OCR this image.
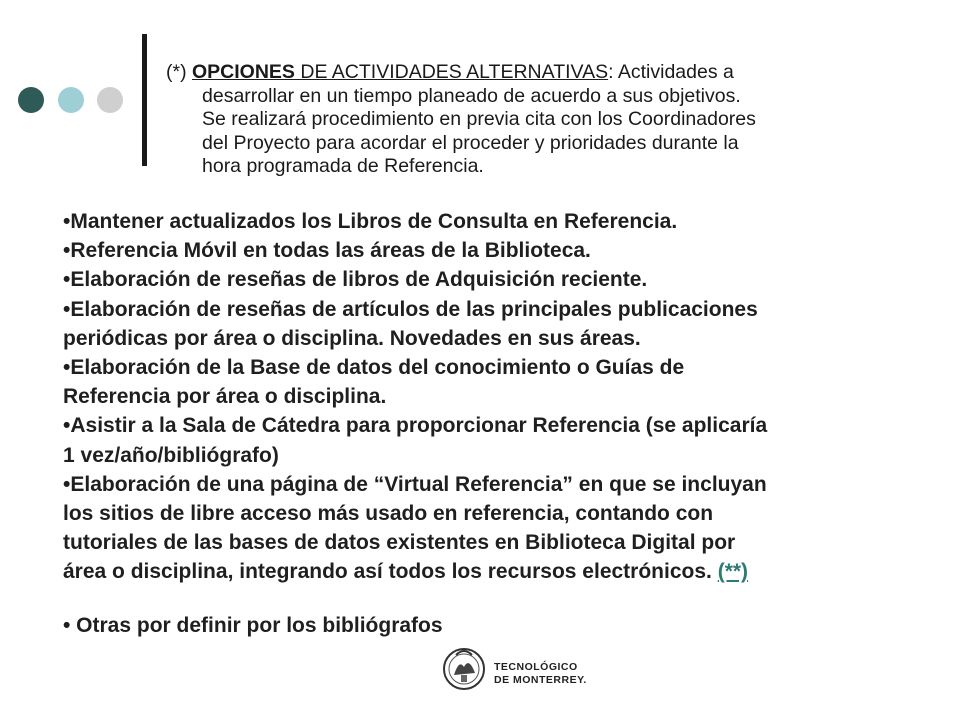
(*) OPCIONES DE ACTIVIDADES ALTERNATIVAS: Actividades a
desarrollar en un tiempo planeado de acuerdo a sus objetivos.
Se realizará procedimiento en previa cita con los Coordinadores
del Proyecto para acordar el proceder y prioridades durante la
hora programada de Referencia.
•Mantener actualizados los Libros de Consulta en Referencia.
•Referencia Móvil en todas las áreas de la Biblioteca.
•Elaboración de reseñas de libros de Adquisición reciente.
•Elaboración de reseñas de artículos de las principales publicaciones
periódicas por área o disciplina. Novedades en sus áreas.
•Elaboración de la Base de datos del conocimiento o Guías de
Referencia por área o disciplina.
•Asistir a la Sala de Cátedra para proporcionar Referencia (se aplicaría
1 vez/año/bibliógrafo)
•Elaboración de una página de “Virtual Referencia” en que se incluyan
los sitios de libre acceso más usado en referencia, contando con
tutoriales de las bases de datos existentes en Biblioteca Digital por
área o disciplina, integrando así todos los recursos electrónicos. (**)
• Otras por definir por los bibliógrafos
TECNOLÓGICO
DE MONTERREY.
